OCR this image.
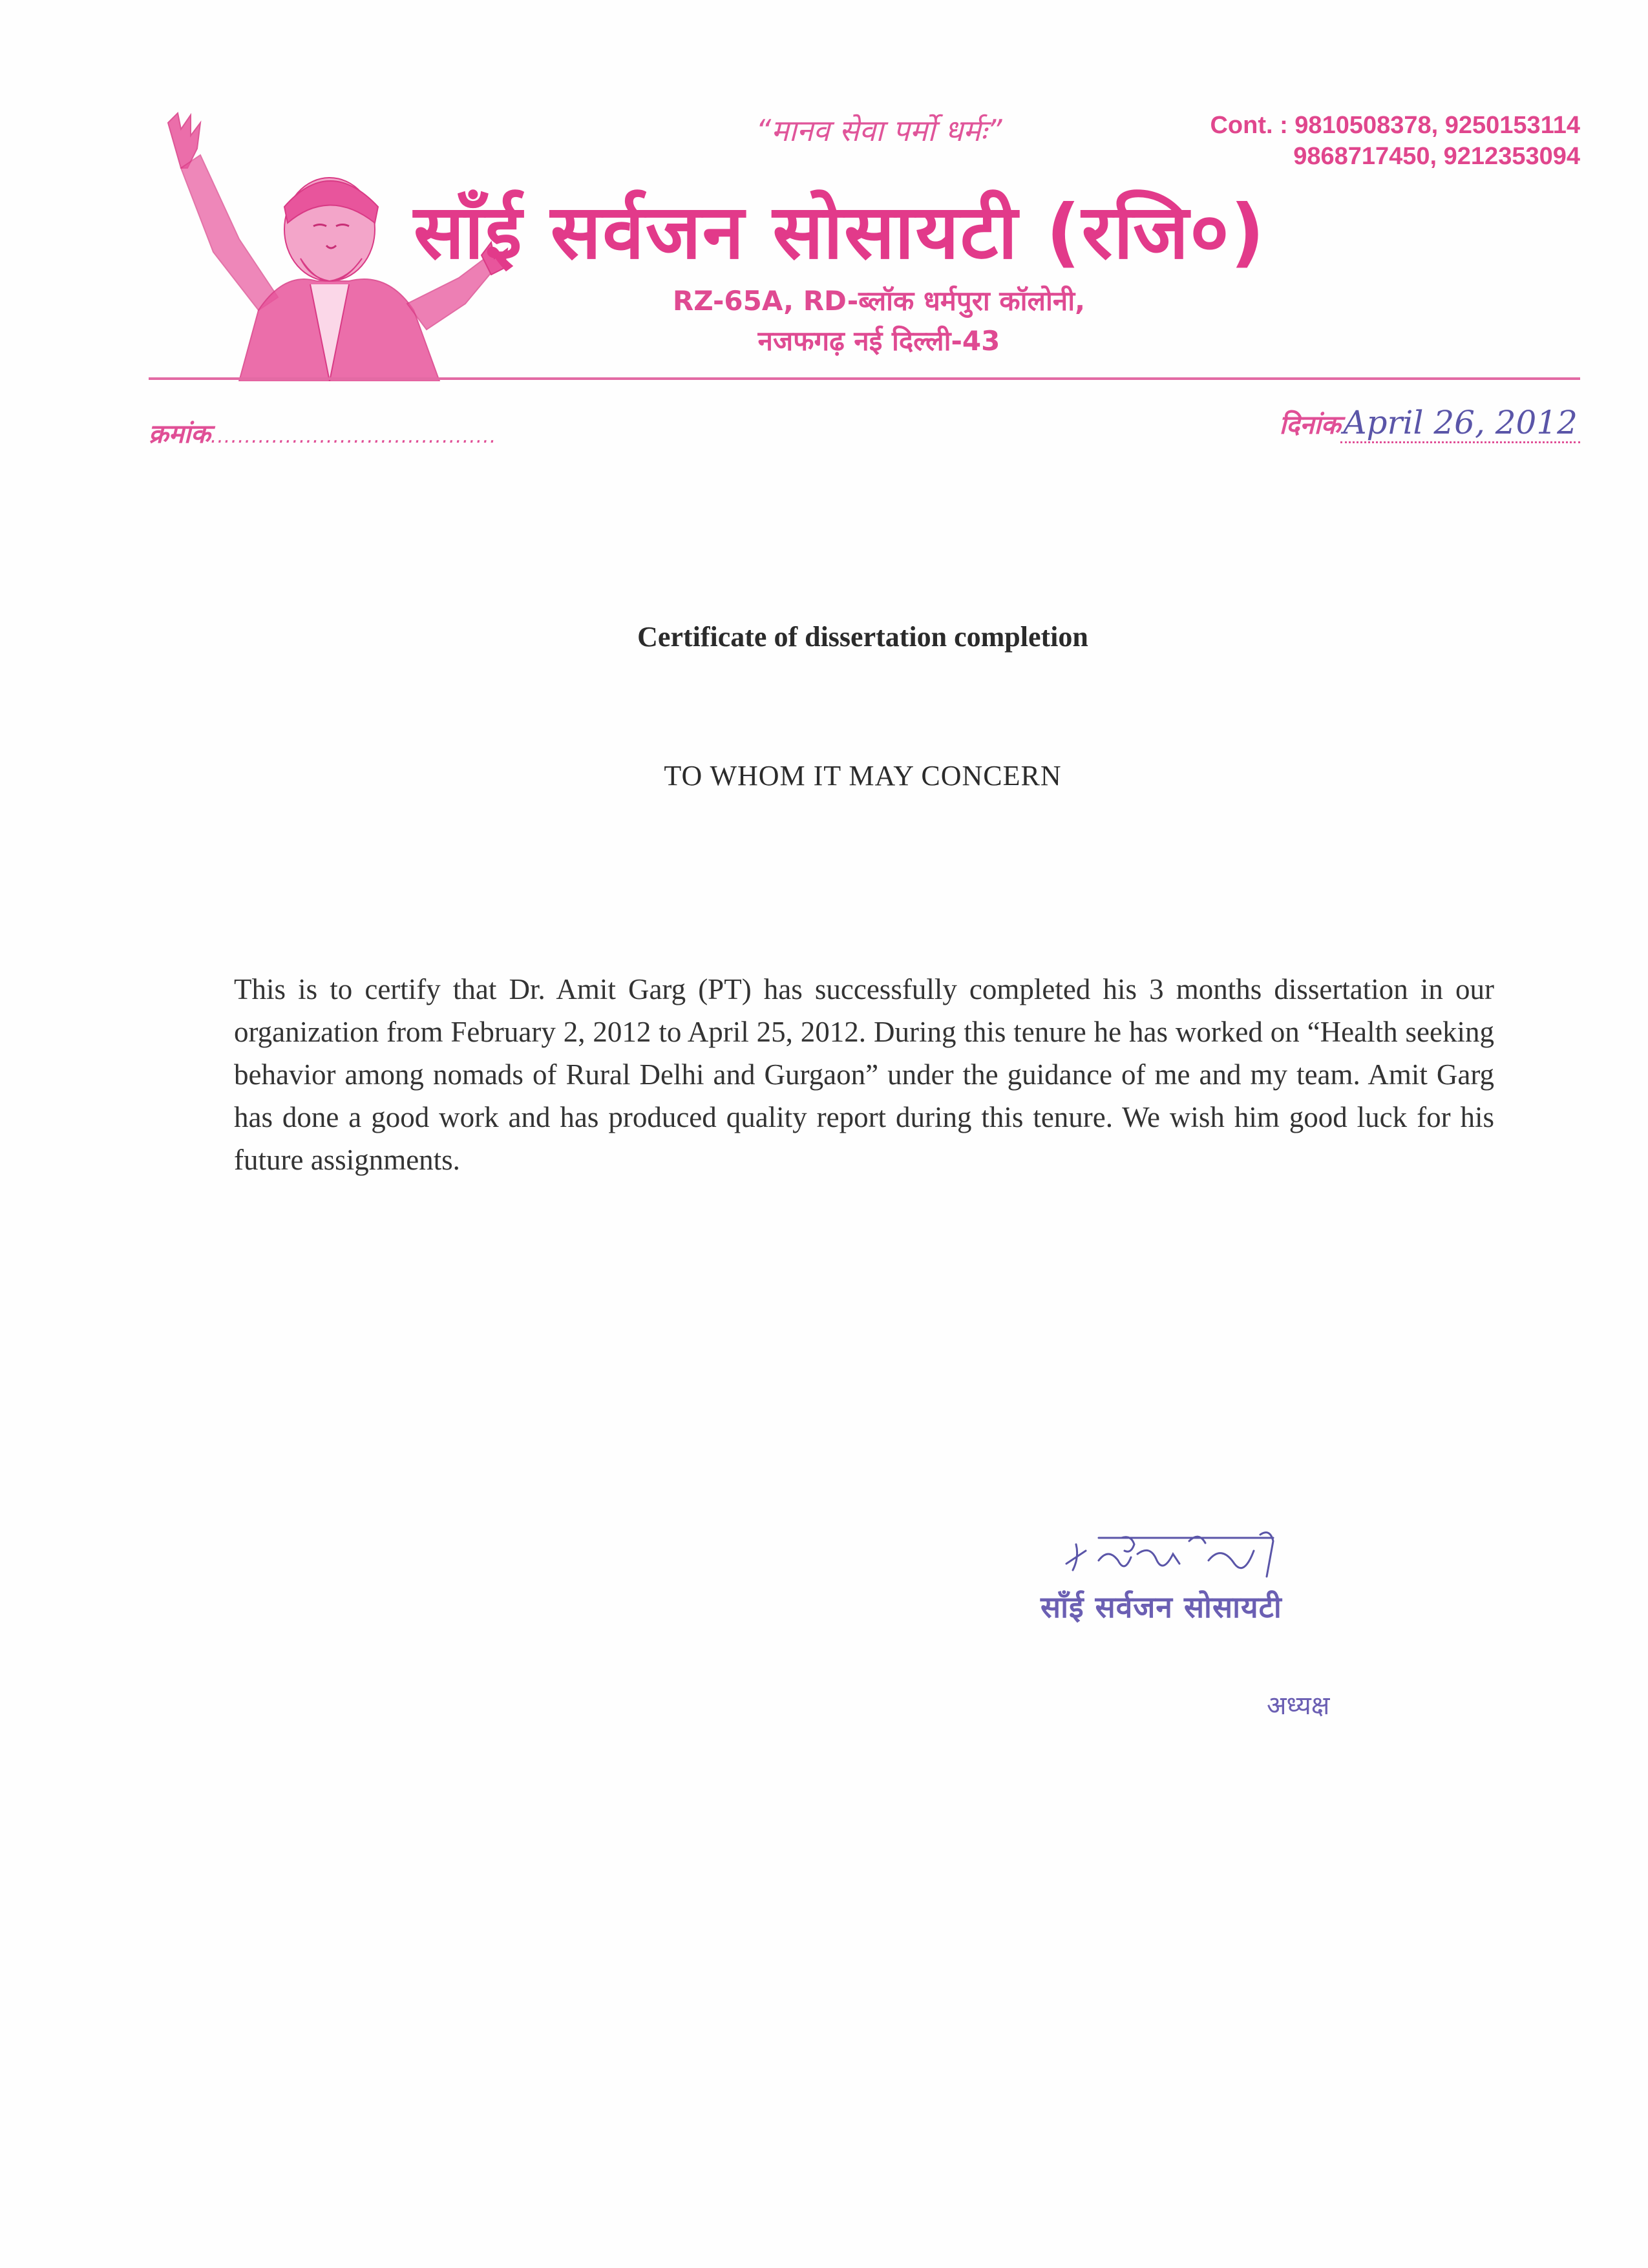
“मानव सेवा पर्मो धर्मः”	Cont. : 9810508378, 9250153114
9868717450, 9212353094
साँई सर्वजन सोसायटी (रजि०)
RZ-65A, RD-ब्लॉक धर्मपुरा कॉलोनी,
नजफगढ़ नई दिल्ली-43
क्रमांक..........................................	दिनांकApril 26, 2012
Certificate of dissertation completion
TO WHOM IT MAY CONCERN
This is to certify that Dr. Amit Garg (PT) has successfully completed his 3 months dissertation in our organization from February 2, 2012 to April 25, 2012. During this tenure he has worked on “Health seeking behavior among nomads of Rural Delhi and Gurgaon” under the guidance of me and my team. Amit Garg has done a good work and has produced quality report during this tenure. We wish him good luck for his future assignments.
साँई सर्वजन सोसायटी
अध्यक्ष
